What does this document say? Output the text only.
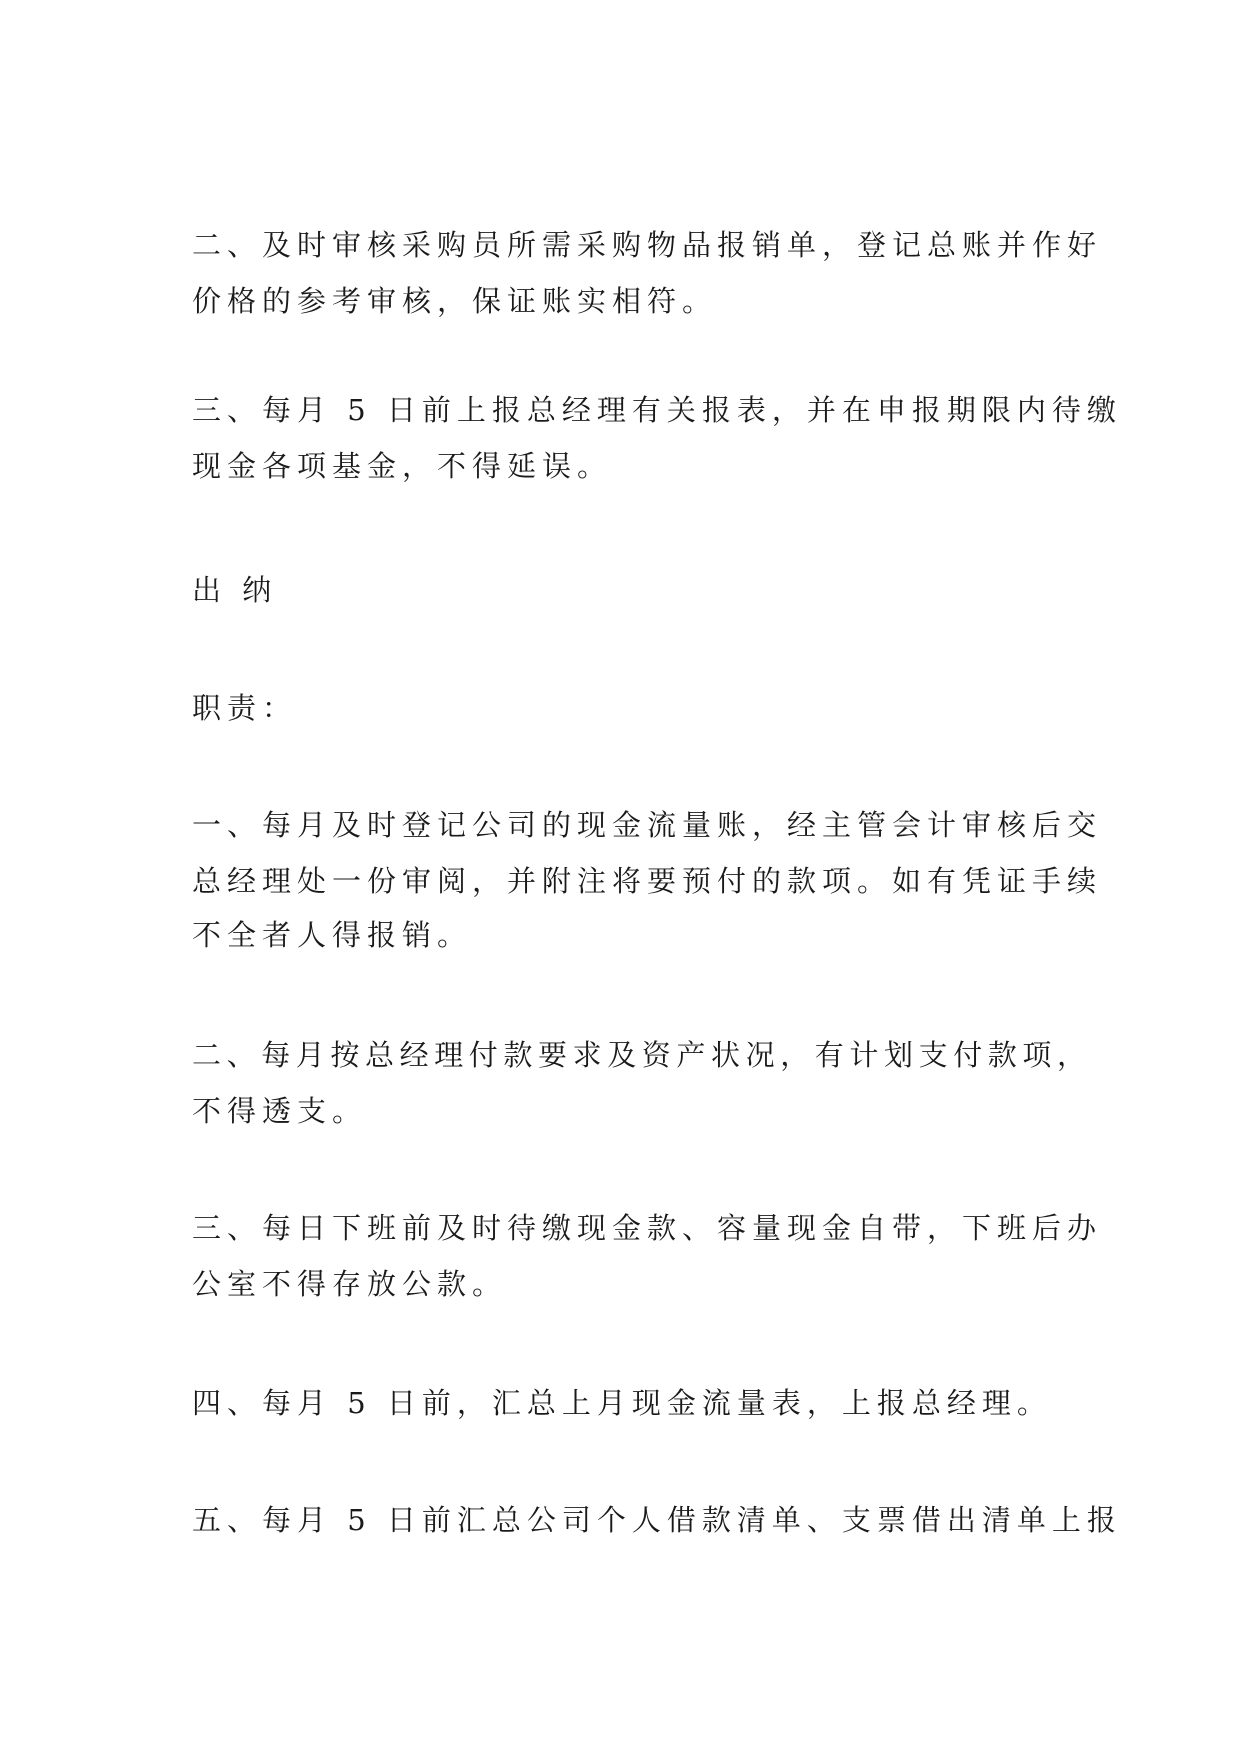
二、及时审核采购员所需采购物品报销单，登记总账并作好
价格的参考审核，保证账实相符。
三、每月 5 日前上报总经理有关报表，并在申报期限内待缴
现金各项基金，不得延误。
出 纳
职责：
一、每月及时登记公司的现金流量账，经主管会计审核后交
总经理处一份审阅，并附注将要预付的款项。如有凭证手续
不全者人得报销。
二、每月按总经理付款要求及资产状况，有计划支付款项，
不得透支。
三、每日下班前及时待缴现金款、容量现金自带，下班后办
公室不得存放公款。
四、每月 5 日前，汇总上月现金流量表，上报总经理。
五、每月 5 日前汇总公司个人借款清单、支票借出清单上报
